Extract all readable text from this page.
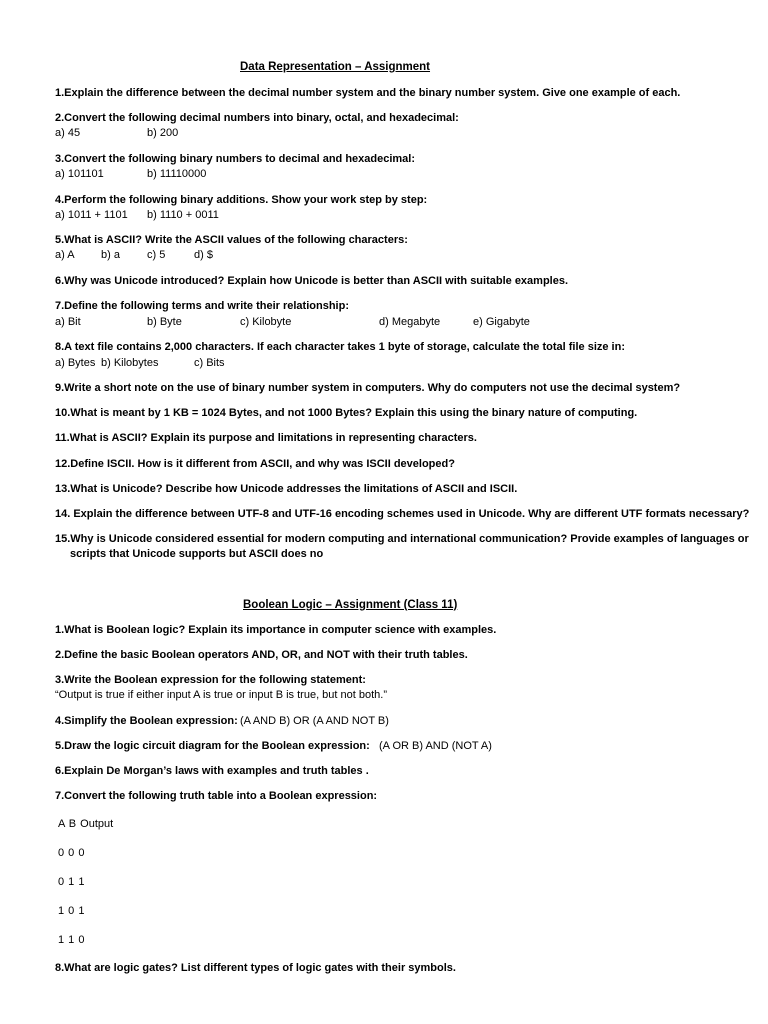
Data Representation – Assignment
1.Explain the difference between the decimal number system and the binary number system. Give one example of each.
2.Convert the following decimal numbers into binary, octal, and hexadecimal:
a) 45	b) 200
3.Convert the following binary numbers to decimal and hexadecimal:
a) 101101	b) 11110000
4.Perform the following binary additions. Show your work step by step:
a) 1011 + 1101 b) 1110 + 0011
5.What is ASCII? Write the ASCII values of the following characters:
a) A b) a c) 5	d) $
6.Why was Unicode introduced? Explain how Unicode is better than ASCII with suitable examples.
7.Define the following terms and write their relationship:
a) Bit	b) Byte	c) Kilobyte	d) Megabyte	e) Gigabyte
8.A text file contains 2,000 characters. If each character takes 1 byte of storage, calculate the total file size in:
a) Bytes b) Kilobytes	c) Bits
9.Write a short note on the use of binary number system in computers. Why do computers not use the decimal system?
10.What is meant by 1 KB = 1024 Bytes, and not 1000 Bytes? Explain this using the binary nature of computing.
11.What is ASCII? Explain its purpose and limitations in representing characters.
12.Define ISCII. How is it different from ASCII, and why was ISCII developed?
13.What is Unicode? Describe how Unicode addresses the limitations of ASCII and ISCII.
14. Explain the difference between UTF-8 and UTF-16 encoding schemes used in Unicode. Why are different UTF formats necessary?
15.Why is Unicode considered essential for modern computing and international communication? Provide examples of languages or
scripts that Unicode supports but ASCII does no
Boolean Logic – Assignment (Class 11)
1.What is Boolean logic? Explain its importance in computer science with examples.
2.Define the basic Boolean operators AND, OR, and NOT with their truth tables.
3.Write the Boolean expression for the following statement:
“Output is true if either input A is true or input B is true, but not both.”
4.Simplify the Boolean expression: (A AND B) OR (A AND NOT B)
5.Draw the logic circuit diagram for the Boolean expression: (A OR B) AND (NOT A)
6.Explain De Morgan’s laws with examples and truth tables .
7.Convert the following truth table into a Boolean expression:
A B Output
0 0 0
0 1 1
1 0 1
1 1 0
8.What are logic gates? List different types of logic gates with their symbols.
